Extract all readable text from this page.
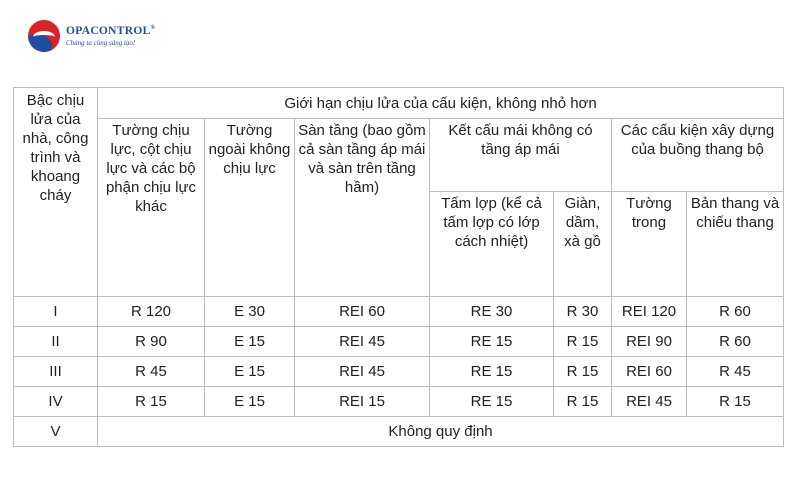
OPACONTROL®
Chúng ta cùng sáng tạo!
Bậc chịu lửa của nhà, công trình và khoang cháy	Giới hạn chịu lửa của cấu kiện, không nhỏ hơn						
	Tường chịu lực, cột chịu lực và các bộ phận chịu lực khác	Tường ngoài không chịu lực	Sàn tầng (bao gồm cả sàn tầng áp mái và sàn trên tầng hầm)	Kết cấu mái không có tầng áp mái		Các cấu kiện xây dựng của buồng thang bộ	
				Tấm lợp (kể cả tấm lợp có lớp cách nhiệt)	Giàn, dầm, xà gồ	Tường trong	Bản thang và chiếu thang
I	R 120	E 30	REI 60	RE 30	R 30	REI 120	R 60
II	R 90	E 15	REI 45	RE 15	R 15	REI 90	R 60
III	R 45	E 15	REI 45	RE 15	R 15	REI 60	R 45
IV	R 15	E 15	REI 15	RE 15	R 15	REI 45	R 15
V	Không quy định						
